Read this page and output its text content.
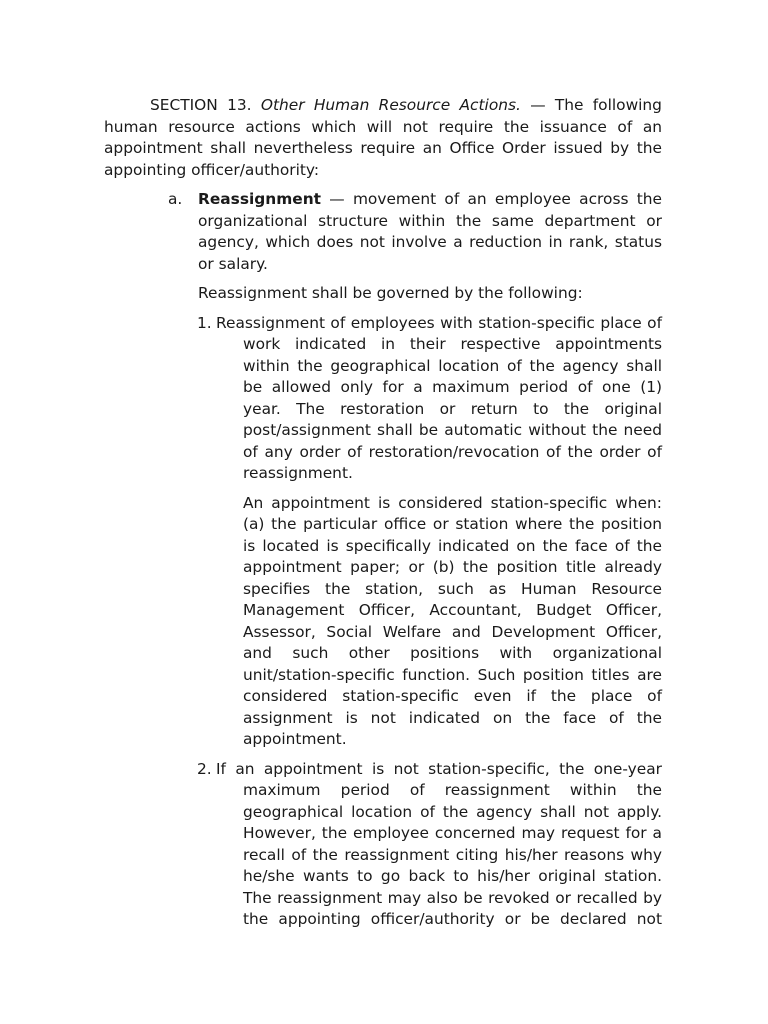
SECTION 13. Other Human Resource Actions. — The following human resource actions which will not require the issuance of an appointment shall nevertheless require an Office Order issued by the appointing officer/authority:

a. Reassignment — movement of an employee across the organizational structure within the same department or agency, which does not involve a reduction in rank, status or salary.

Reassignment shall be governed by the following:

1. Reassignment of employees with station-specific place of work indicated in their respective appointments within the geographical location of the agency shall be allowed only for a maximum period of one (1) year. The restoration or return to the original post/assignment shall be automatic without the need of any order of restoration/revocation of the order of reassignment.

An appointment is considered station-specific when: (a) the particular office or station where the position is located is specifically indicated on the face of the appointment paper; or (b) the position title already specifies the station, such as Human Resource Management Officer, Accountant, Budget Officer, Assessor, Social Welfare and Development Officer, and such other positions with organizational unit/station-specific function. Such position titles are considered station-specific even if the place of assignment is not indicated on the face of the appointment.

2. If an appointment is not station-specific, the one-year maximum period of reassignment within the geographical location of the agency shall not apply. However, the employee concerned may request for a recall of the reassignment citing his/her reasons why he/she wants to go back to his/her original station. The reassignment may also be revoked or recalled by the appointing officer/authority or be declared not
